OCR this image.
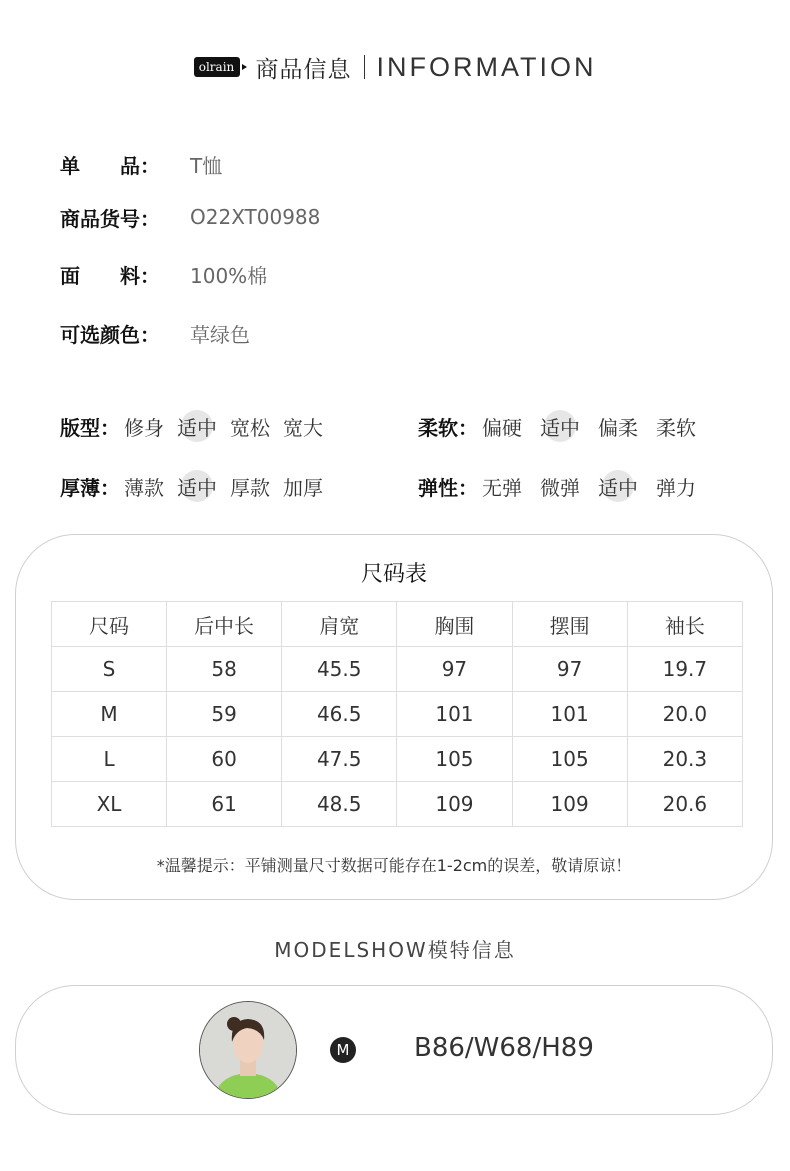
olrain 商品信息 INFORMATION
单　　品：	T恤
商品货号：	O22XT00988
面　　料：	100%棉
可选颜色：	草绿色
版型： 修身 适中 宽松 宽大	柔软： 偏硬 适中 偏柔 柔软
厚薄： 薄款 适中 厚款 加厚	弹性： 无弹 微弹 适中 弹力
尺码表
尺码	后中长	肩宽	胸围	摆围	袖长
S	58	45.5	97	97	19.7
M	59	46.5	101	101	20.0
L	60	47.5	105	105	20.3
XL	61	48.5	109	109	20.6
*温馨提示：平铺测量尺寸数据可能存在1-2cm的误差，敬请原谅！
MODELSHOW模特信息
M B86/W68/H89
